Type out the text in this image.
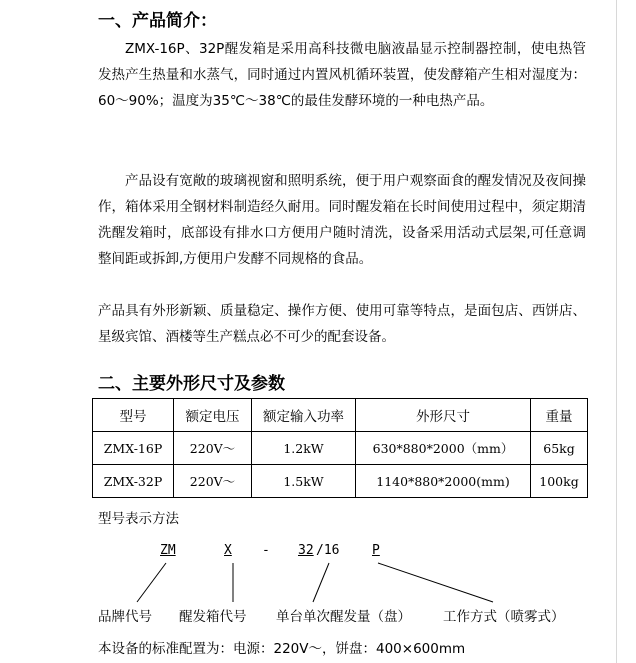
一、产品简介：

ZMX-16P、32P醒发箱是采用高科技微电脑液晶显示控制器控制，使电热管发热产生热量和水蒸气，同时通过内置风机循环装置，使发酵箱产生相对湿度为：60～90%；温度为35℃～38℃的最佳发酵环境的一种电热产品。

产品设有宽敞的玻璃视窗和照明系统，便于用户观察面食的醒发情况及夜间操作，箱体采用全钢材料制造经久耐用。同时醒发箱在长时间使用过程中，须定期清洗醒发箱时，底部设有排水口方便用户随时清洗，设备采用活动式层架,可任意调整间距或拆卸,方便用户发酵不同规格的食品。

产品具有外形新颖、质量稳定、操作方便、使用可靠等特点，是面包店、西饼店、星级宾馆、酒楼等生产糕点必不可少的配套设备。

二、主要外形尺寸及参数
型号	额定电压	额定输入功率	外形尺寸	重量
ZMX-16P	220V～	1.2kW	630*880*2000（mm）	65kg
ZMX-32P	220V～	1.5kW	1140*880*2000(mm)	100kg

型号表示方法

ZM	X - 32 /16	P

品牌代号 醒发箱代号 单台单次醒发量（盘） 工作方式（喷雾式）

本设备的标准配置为：电源：220V～，饼盘：400×600mm
